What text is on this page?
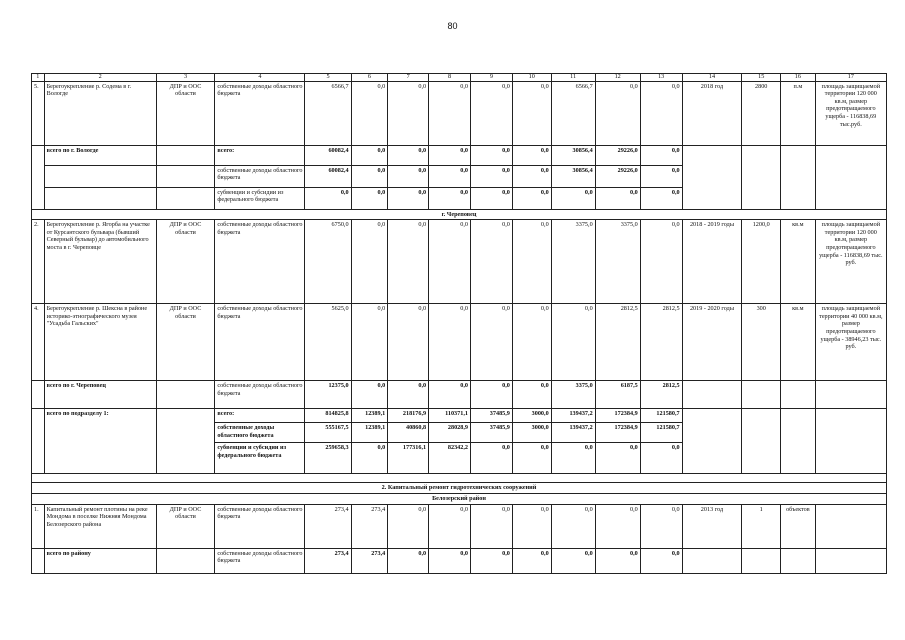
80
1	2	3	4	5	6	7	8	9	10	11	12	13	14	15	16	17
5.	Берегоукрепление р. Содема в г. Вологде	ДПР и ООС области	собственные доходы областного бюджета	6566,7	0,0	0,0	0,0	0,0	0,0	6566,7	0,0	0,0	2018 год	2800	п.м	площадь защищаемой территории 120 000 кв.м, размер предотвращаемого ущерба - 116838,69 тыс.руб.
	всего по г. Вологде		всего:	60082,4	0,0	0,0	0,0	0,0	0,0	30856,4	29226,0	0,0				
			собственные доходы областного бюджета	60082,4	0,0	0,0	0,0	0,0	0,0	30856,4	29226,0	0,0				
			субвенции и субсидии из федерального бюджета	0,0	0,0	0,0	0,0	0,0	0,0	0,0	0,0	0,0				
г. Череповец																
2.	Берегоукрепление р. Ягорба на участке от Курсантского бульвара (бывший Северный бульвар) до автомобильного моста в г. Череповце	ДПР и ООС области	собственные доходы областного бюджета	6750,0	0,0	0,0	0,0	0,0	0,0	3375,0	3375,0	0,0	2018 - 2019 годы	1200,0	кв.м	площадь защищаемой территории 120 000 кв.м, размер предотвращаемого ущерба - 116838,69 тыс. руб.
4.	Берегоукрепление р. Шексна в районе историко-этнографического музея "Усадьба Гальских"	ДПР и ООС области	собственные доходы областного бюджета	5625,0	0,0	0,0	0,0	0,0	0,0	0,0	2812,5	2812,5	2019 - 2020 годы	300	кв.м	площадь защищаемой территории 40 000 кв.м, размер предотвращаемого ущерба - 38946,23 тыс. руб.
	всего по г. Череповец		собственные доходы областного бюджета	12375,0	0,0	0,0	0,0	0,0	0,0	3375,0	6187,5	2812,5				
	всего по подразделу 1:		всего:	814825,8	12389,1	218176,9	110371,1	37485,9	3000,0	139437,2	172384,9	121580,7				
			собственные доходы областного бюджета	555167,5	12389,1	40860,8	28028,9	37485,9	3000,0	139437,2	172384,9	121580,7				
			субвенции и субсидии из федерального бюджета	259658,3	0,0	177316,1	82342,2	0,0	0,0	0,0	0,0	0,0				

2. Капитальный ремонт гидротехнических сооружений																
Белозерский район																
1.	Капитальный ремонт плотины на реке Мондома в поселке Нижняя Мондома Белозерского района	ДПР и ООС области	собственные доходы областного бюджета	273,4	273,4	0,0	0,0	0,0	0,0	0,0	0,0	0,0	2013 год	1	объектов	
	всего по району		собственные доходы областного бюджета	273,4	273,4	0,0	0,0	0,0	0,0	0,0	0,0	0,0				
